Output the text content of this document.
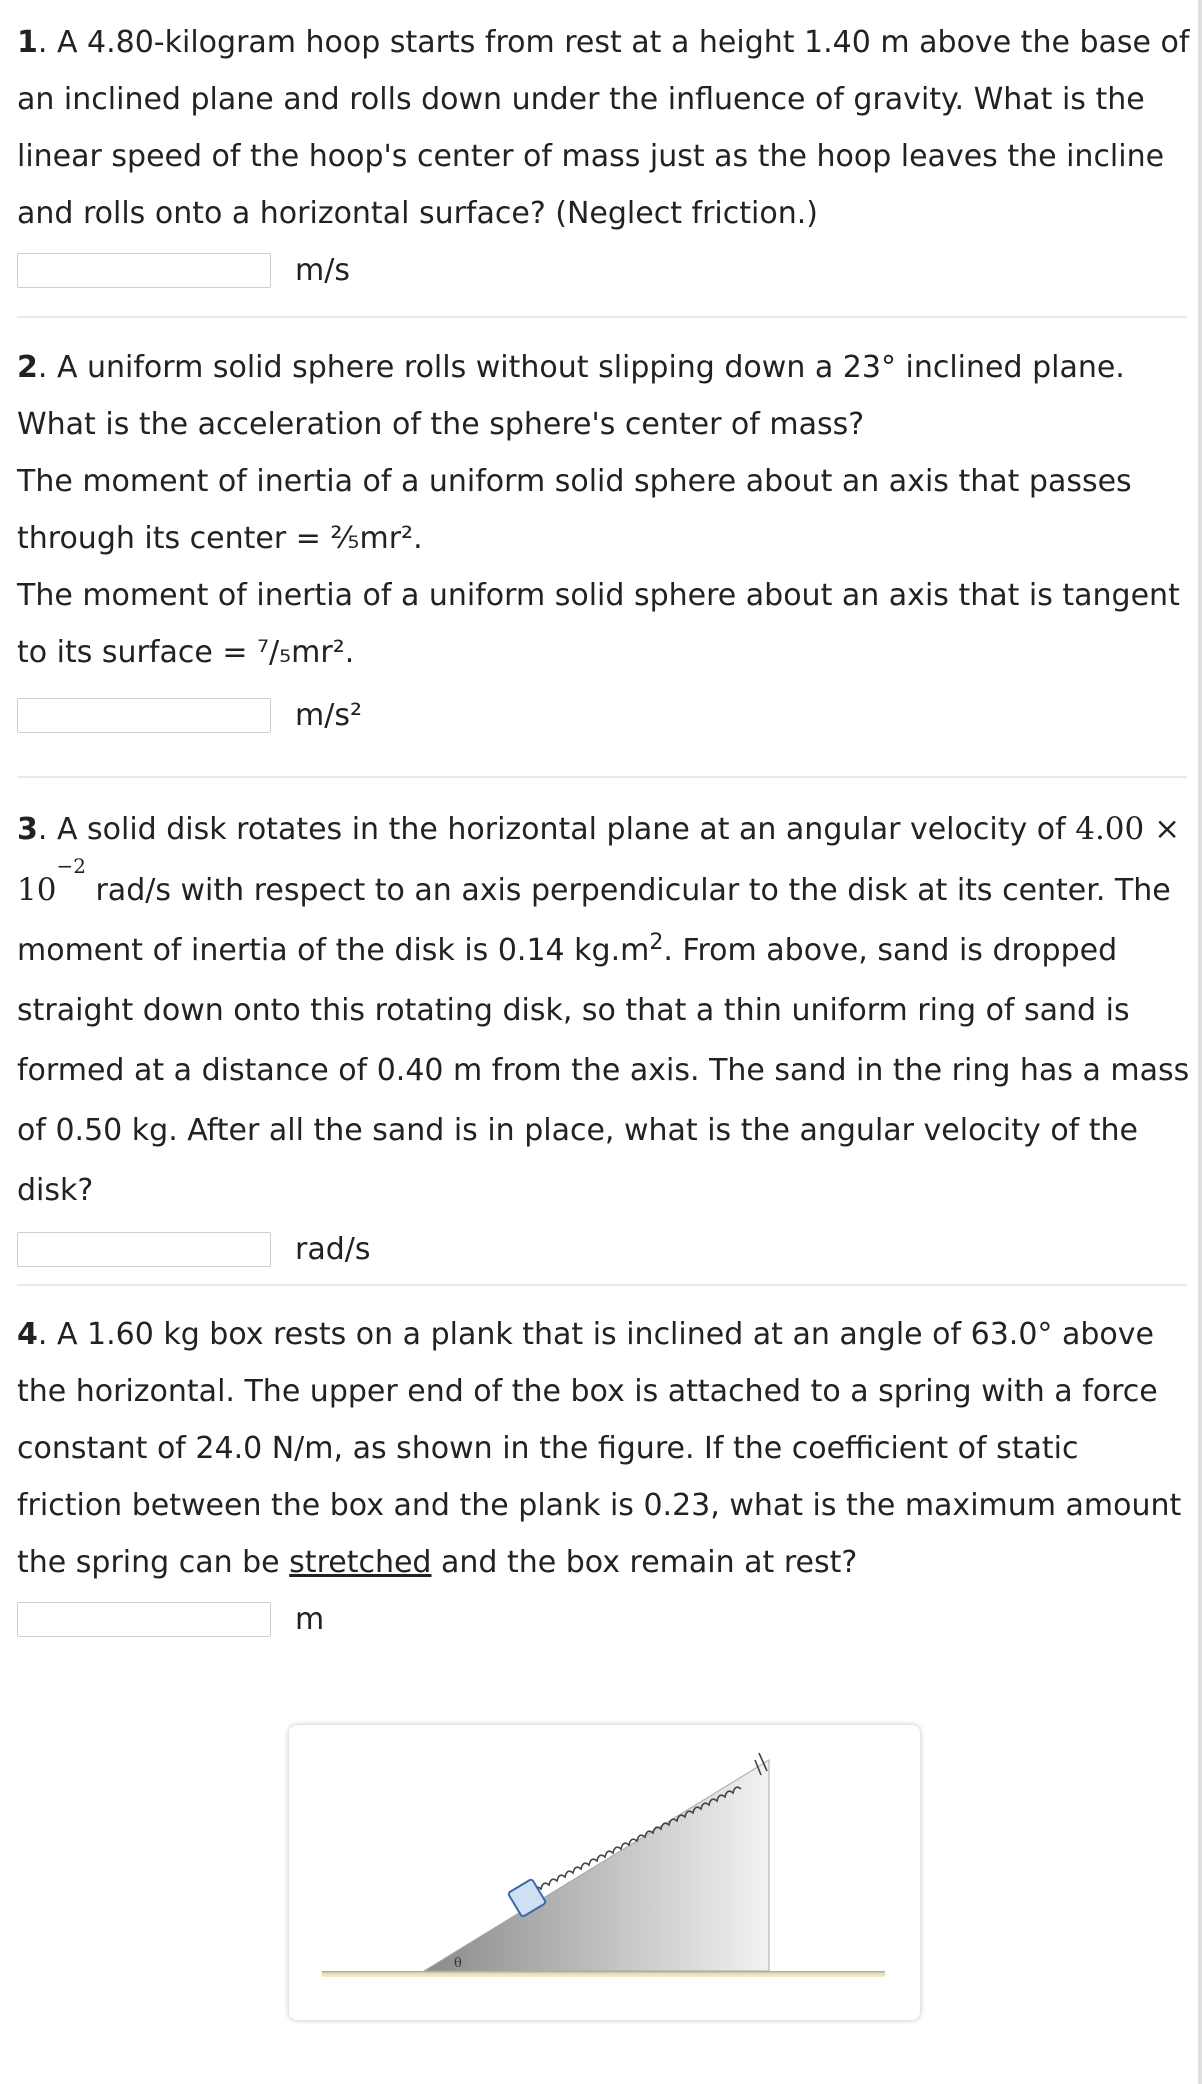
1. A 4.80-kilogram hoop starts from rest at a height 1.40 m above the base of an inclined plane and rolls down under the influence of gravity. What is the linear speed of the hoop's center of mass just as the hoop leaves the incline and rolls onto a horizontal surface? (Neglect friction.)

m/s

2. A uniform solid sphere rolls without slipping down a 23° inclined plane. What is the acceleration of the sphere's center of mass?

The moment of inertia of a uniform solid sphere about an axis that passes through its center = ⅖mr².

The moment of inertia of a uniform solid sphere about an axis that is tangent to its surface = ⁷/₅mr².

m/s²

3. A solid disk rotates in the horizontal plane at an angular velocity of $4.00 \times 10^{-2}$ rad/s with respect to an axis perpendicular to the disk at its center. The moment of inertia of the disk is 0.14 $kg.m^2$. From above, sand is dropped straight down onto this rotating disk, so that a thin uniform ring of sand is formed at a distance of 0.40 m from the axis. The sand in the ring has a mass of 0.50 kg. After all the sand is in place, what is the angular velocity of the disk?

rad/s

4. A 1.60 kg box rests on a plank that is inclined at an angle of 63.0° above the horizontal. The upper end of the box is attached to a spring with a force constant of 24.0 N/m, as shown in the figure. If the coefficient of static friction between the box and the plank is 0.23, what is the maximum amount the spring can be stretched and the box remain at rest?

m
θ
